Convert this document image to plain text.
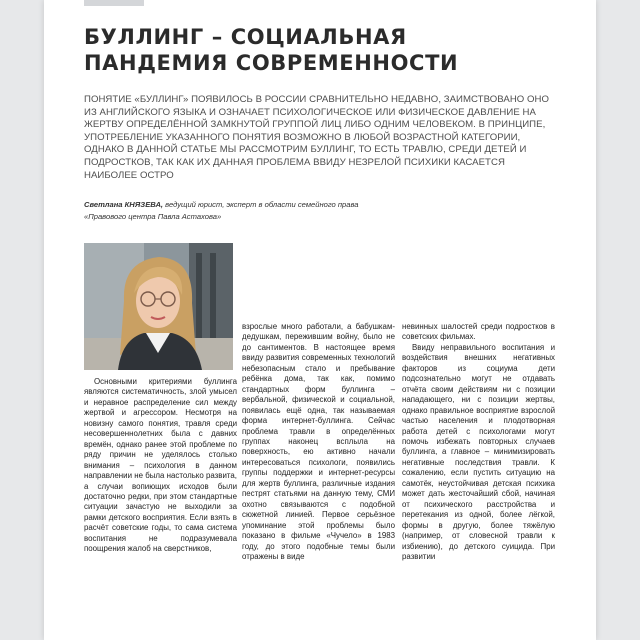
БУЛЛИНГ – СОЦИАЛЬНАЯ
ПАНДЕМИЯ СОВРЕМЕННОСТИ
ПОНЯТИЕ «БУЛЛИНГ» ПОЯВИЛОСЬ В РОССИИ СРАВНИТЕЛЬНО НЕДАВНО, ЗАИМСТВОВАНО ОНО ИЗ АНГЛИЙСКОГО ЯЗЫКА И ОЗНАЧАЕТ ПСИХОЛОГИЧЕСКОЕ ИЛИ ФИЗИЧЕСКОЕ ДАВЛЕНИЕ НА ЖЕРТВУ ОПРЕДЕЛЁННОЙ ЗАМКНУТОЙ ГРУППОЙ ЛИЦ ЛИБО ОДНИМ ЧЕЛОВЕКОМ. В ПРИНЦИПЕ, УПОТРЕБЛЕНИЕ УКАЗАННОГО ПОНЯТИЯ ВОЗМОЖНО В ЛЮБОЙ ВОЗРАСТНОЙ КАТЕГОРИИ, ОДНАКО В ДАННОЙ СТАТЬЕ МЫ РАССМОТРИМ БУЛЛИНГ, ТО ЕСТЬ ТРАВЛЮ, СРЕДИ ДЕТЕЙ И ПОДРОСТКОВ, ТАК КАК ИХ ДАННАЯ ПРОБЛЕМА ВВИДУ НЕЗРЕЛОЙ ПСИХИКИ КАСАЕТСЯ НАИБОЛЕЕ ОСТРО
Светлана КНЯЗЕВА, ведущий юрист, эксперт в области семейного права
«Правового центра Павла Астахова»

Основными критериями буллинга являются систематичность, злой умысел и неравное распределение сил между жертвой и агрессором. Несмотря на новизну самого понятия, травля среди несовершеннолетних была с давних времён, однако ранее этой проблеме по ряду причин не уделялось столько внимания – психология в данном направлении не была настолько развита, а случаи вопиющих исходов были достаточно редки, при этом стандартные ситуации зачастую не выходили за рамки детского восприятия. Если взять в расчёт советские годы, то сама система воспитания не подразумевала поощрения жалоб на сверстников,

взрослые много работали, а бабушкам-дедушкам, пережившим войну, было не до сантиментов. В настоящее время ввиду развития современных технологий небезопасным стало и пребывание ребёнка дома, так как, помимо стандартных форм буллинга – вербальной, физической и социальной, появилась ещё одна, так называемая форма интернет-буллинга. Сейчас проблема травли в определённых группах наконец всплыла на поверхность, ею активно начали интересоваться психологи, появились группы поддержки и интернет-ресурсы для жертв буллинга, различные издания пестрят статьями на данную тему, СМИ охотно связываются с подобной сюжетной линией. Первое серьёзное упоминание этой проблемы было показано в фильме «Чучело» в 1983 году, до этого подобные темы были отражены в виде

невинных шалостей среди подростков в советских фильмах.

Ввиду неправильного воспитания и воздействия внешних негативных факторов из социума дети подсознательно могут не отдавать отчёта своим действиям ни с позиции нападающего, ни с позиции жертвы, однако правильное восприятие взрослой частью населения и плодотворная работа детей с психологами могут помочь избежать повторных случаев буллинга, а главное – минимизировать негативные последствия травли. К сожалению, если пустить ситуацию на самотёк, неустойчивая детская психика может дать жесточайший сбой, начиная от психического расстройства и перетекания из одной, более лёгкой, формы в другую, более тяжёлую (например, от словесной травли к избиению), до детского суицида. При развитии
